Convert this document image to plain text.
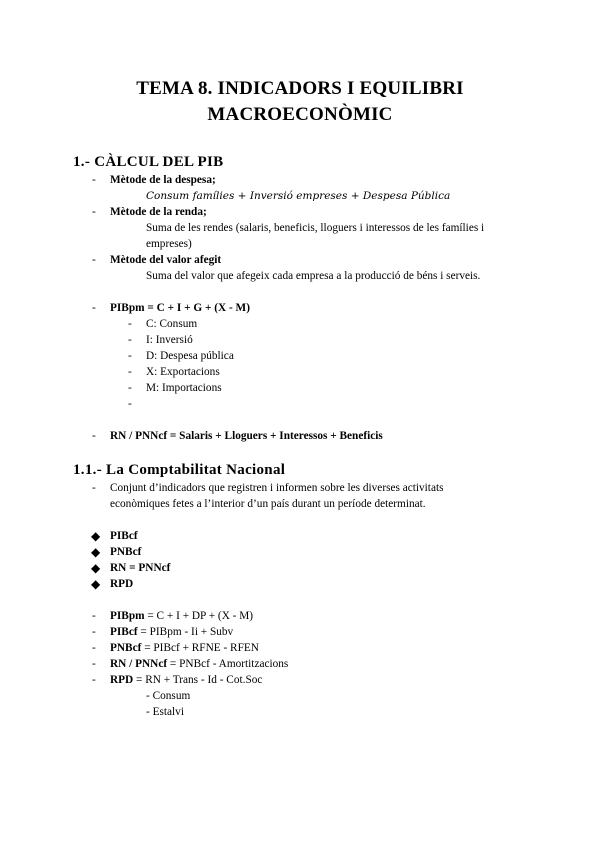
TEMA 8. INDICADORS I EQUILIBRI
MACROECONÒMIC
1.- CÀLCUL DEL PIB
- Mètode de la despesa;
Consum famílies + Inversió empreses + Despesa Pública
- Mètode de la renda;
Suma de les rendes (salaris, beneficis, lloguers i interessos de les famílies i empreses)
- Mètode del valor afegit
Suma del valor que afegeix cada empresa a la producció de béns i serveis.
- PIBpm = C + I + G + (X - M)
- C: Consum
- I: Inversió
- D: Despesa pública
- X: Exportacions
- M: Importacions
-
- RN / PNNcf = Salaris + Lloguers + Interessos + Beneficis
1.1.- La Comptabilitat Nacional
- Conjunt d’indicadors que registren i informen sobre les diverses activitats econòmiques fetes a l’interior d’un país durant un període determinat.
◆ PIBcf
◆ PNBcf
◆ RN = PNNcf
◆ RPD
- PIBpm = C + I + DP + (X - M)
- PIBcf = PIBpm - Ii + Subv
- PNBcf = PIBcf + RFNE - RFEN
- RN / PNNcf = PNBcf - Amortitzacions
- RPD = RN + Trans - Id - Cot.Soc
- Consum
- Estalvi
